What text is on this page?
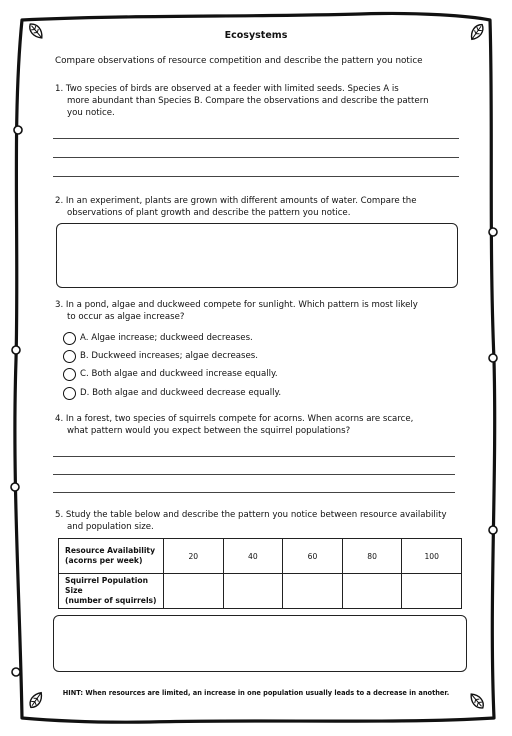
Ecosystems
Compare observations of resource competition and describe the pattern you notice
1. Two species of birds are observed at a feeder with limited seeds. Species A is
more abundant than Species B. Compare the observations and describe the pattern
you notice.
2. In an experiment, plants are grown with different amounts of water. Compare the
observations of plant growth and describe the pattern you notice.
3. In a pond, algae and duckweed compete for sunlight. Which pattern is most likely
to occur as algae increase?
A. Algae increase; duckweed decreases.
B. Duckweed increases; algae decreases.
C. Both algae and duckweed increase equally.
D. Both algae and duckweed decrease equally.
4. In a forest, two species of squirrels compete for acorns. When acorns are scarce,
what pattern would you expect between the squirrel populations?
5. Study the table below and describe the pattern you notice between resource availability
and population size.
Resource Availability
(acorns per week)	20	40	60	80	100

Squirrel Population Size
(number of squirrels)					

HINT: When resources are limited, an increase in one population usually leads to a decrease in another.
